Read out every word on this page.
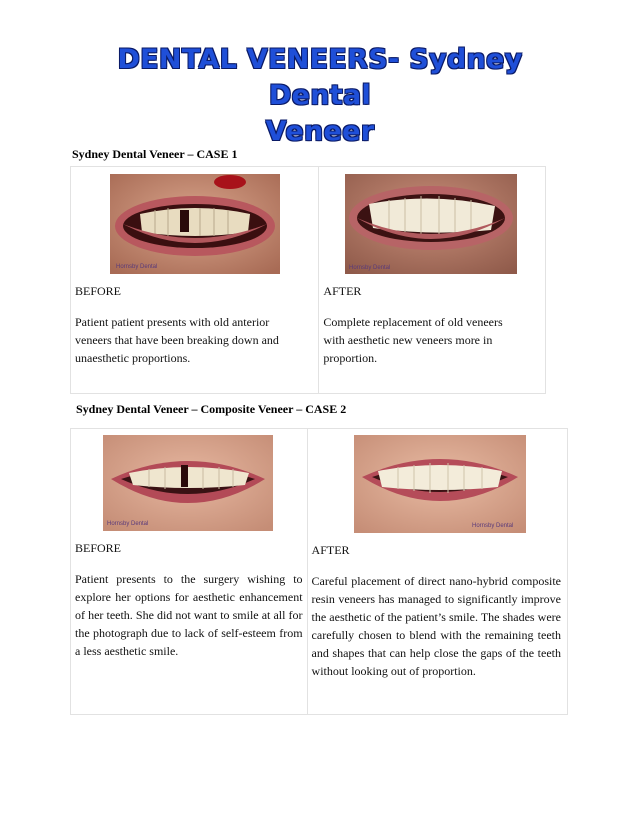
DENTAL VENEERS- Sydney Dental
Veneer
Sydney Dental Veneer – CASE 1
Hornsby Dental
BEFORE
Patient patient presents with old anterior veneers that have been breaking down and unaesthetic proportions.

Hornsby Dental
AFTER
Complete replacement of old veneers with aesthetic new veneers more in proportion.
Sydney Dental Veneer – Composite Veneer – CASE 2
Hornsby Dental
BEFORE
Patient presents to the surgery wishing to explore her options for aesthetic enhancement of her teeth. She did not want to smile at all for the photograph due to lack of self-esteem from a less aesthetic smile.

Hornsby Dental
AFTER
Careful placement of direct nano-hybrid composite resin veneers has managed to significantly improve the aesthetic of the patient’s smile. The shades were carefully chosen to blend with the remaining teeth and shapes that can help close the gaps of the teeth without looking out of proportion.
